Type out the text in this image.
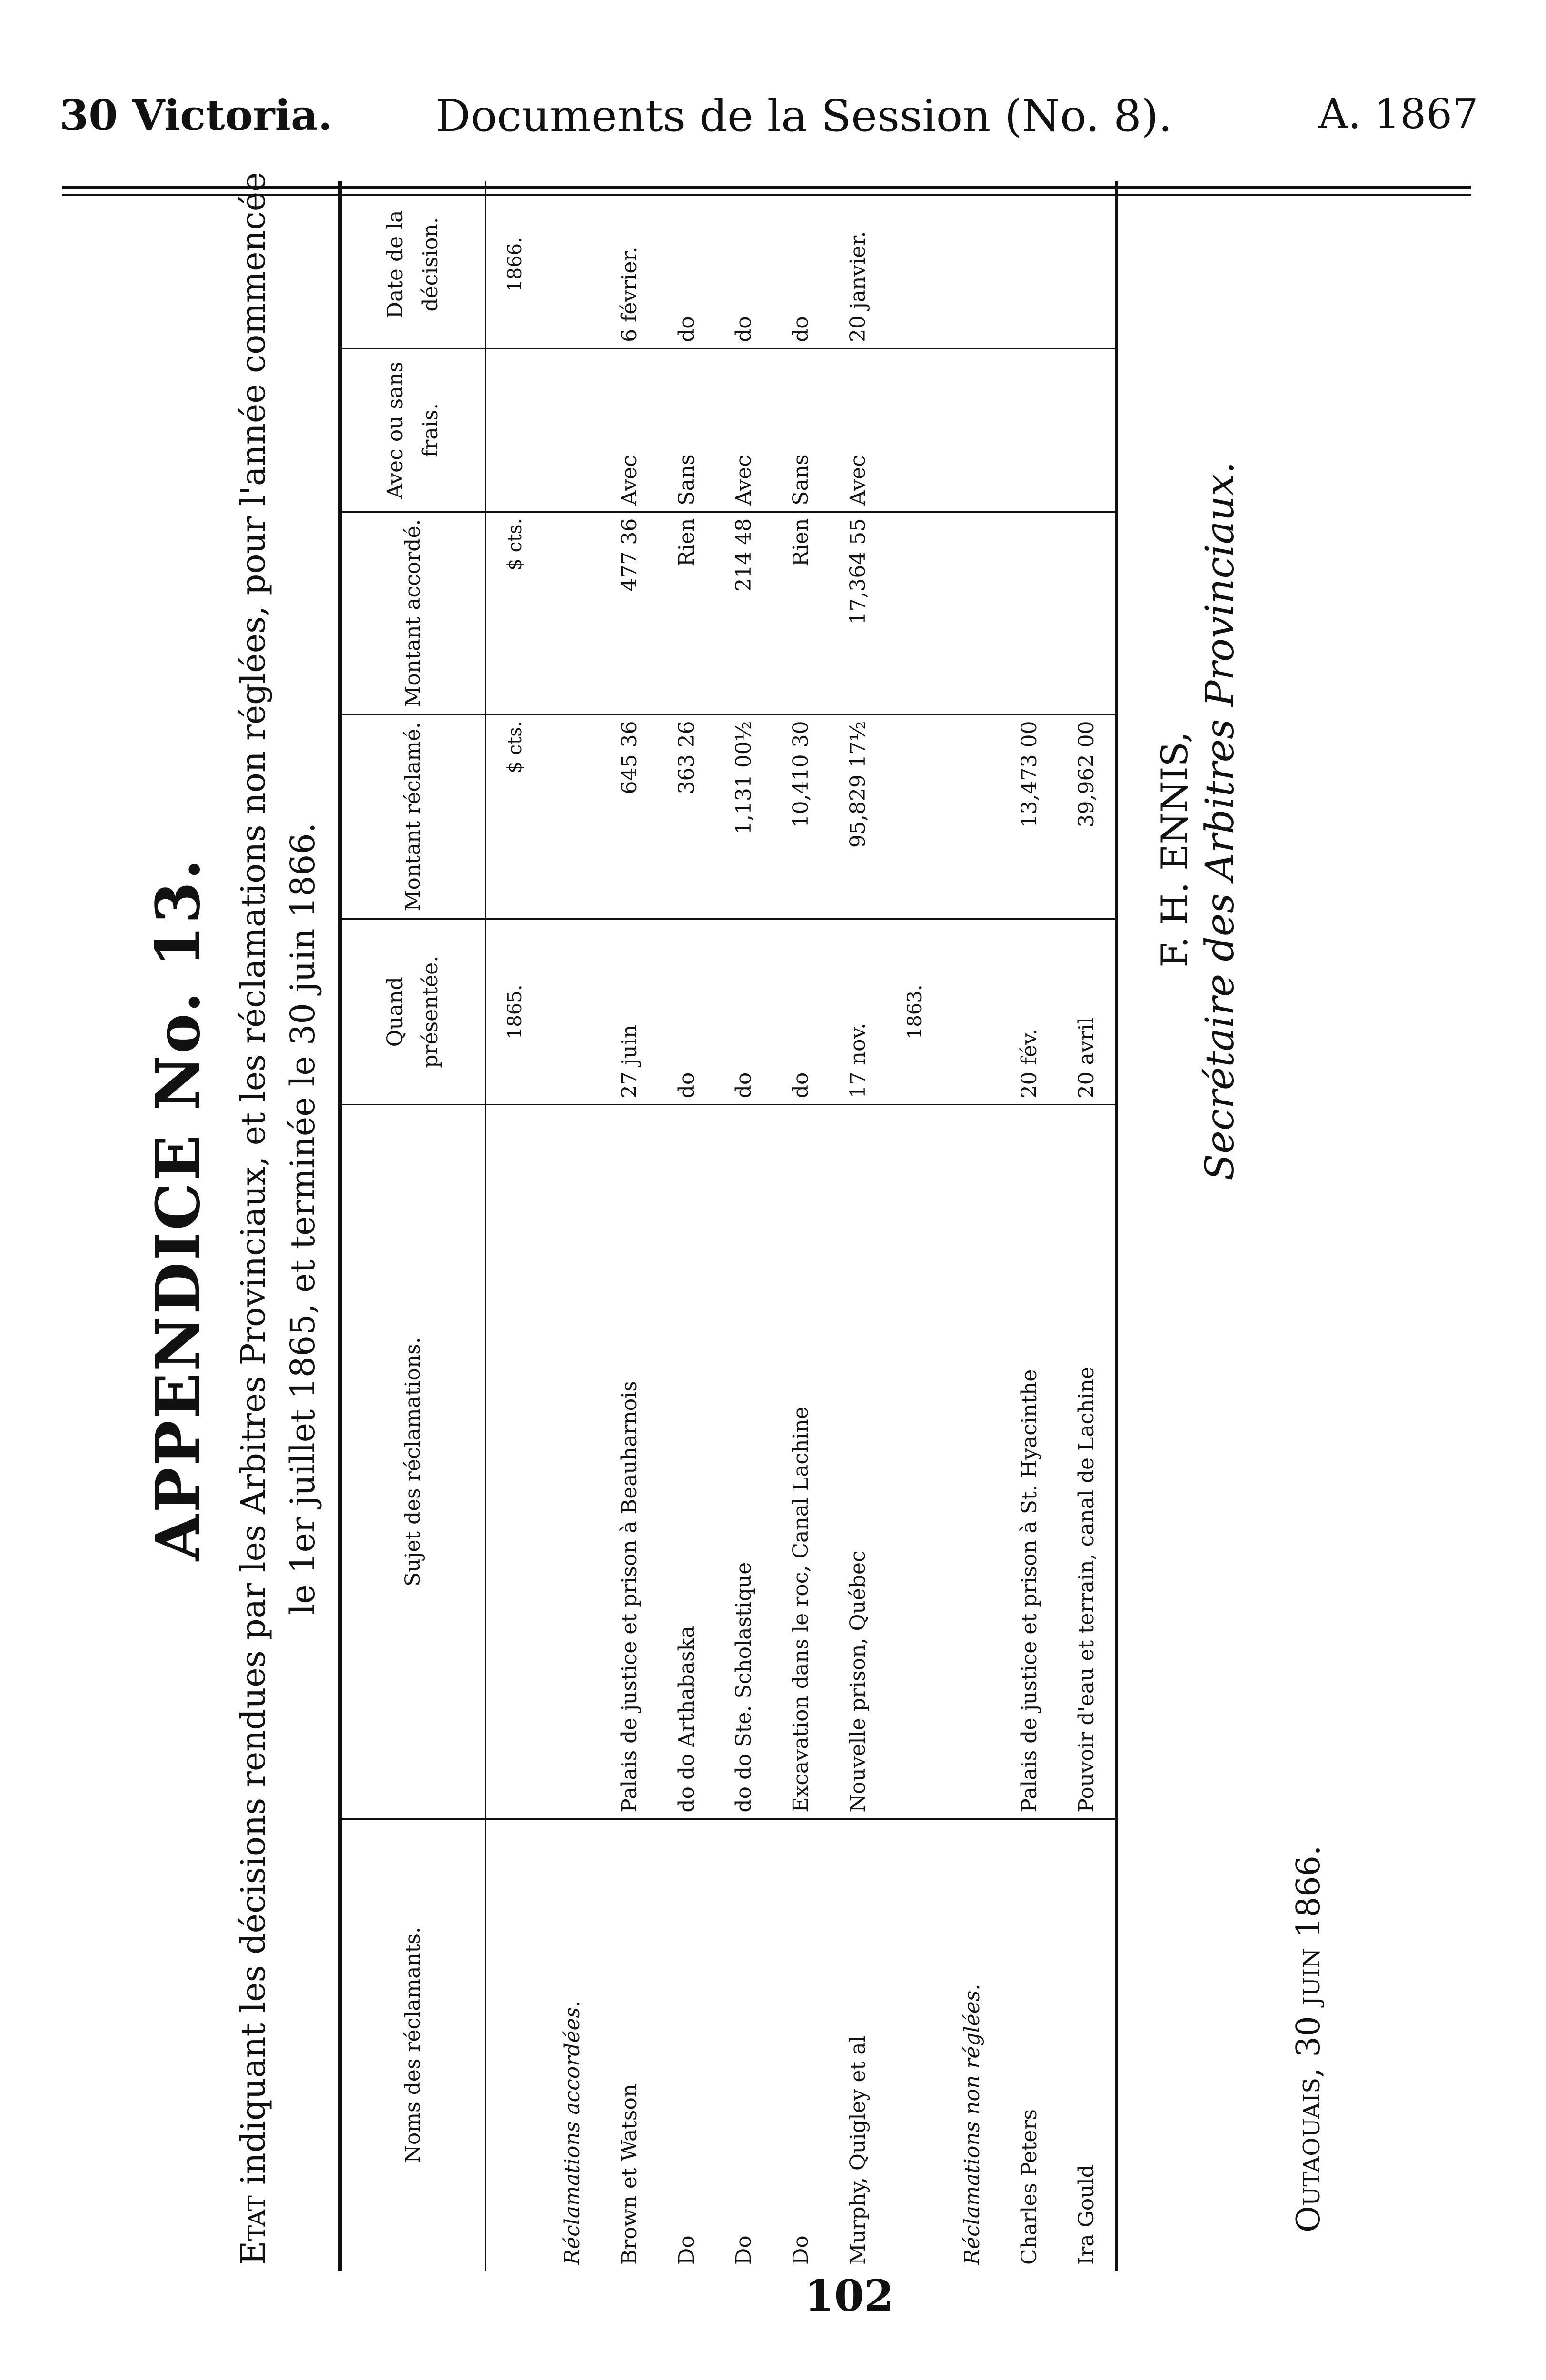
30 Victoria. Documents de la Session (No. 8).	A. 1867
APPENDICE No. 13.
Etat indiquant les décisions rendues par les Arbitres Provinciaux, et les réclamations non réglées, pour l'année commencée le 1er juillet 1865, et terminée le 30 juin 1866.

Noms des réclamants.	Sujet des réclamations.	Quand présentée.	Montant réclamé.	Montant accordé.	Avec ou sans frais.	Date de la décision.
		1865.	$ cts.	$ cts.		1866.
Réclamations accordées.						
Brown et Watson	Palais de justice et prison à Beauharnois	27 juin	645 36	477 36	Avec	6 février.
Do	do do Arthabaska	do	363 26	Rien	Sans	do
Do	do do Ste. Scholastique	do	1,131 00½	214 48	Avec	do
Do	Excavation dans le roc, Canal Lachine	do	10,410 30	Rien	Sans	do
Murphy, Quigley et al	Nouvelle prison, Québec	17 nov.	95,829 17½	17,364 55	Avec	20 janvier.
		1863.				
Réclamations non réglées.						
Charles Peters	Palais de justice et prison à St. Hyacinthe	20 fév.	13,473 00			
Ira Gould	Pouvoir d'eau et terrain, canal de Lachine	20 avril	39,962 00			F. H. ENNIS, Secrétaire des Arbitres Provinciaux.
Outaouais, 30 juin 1866.
102
